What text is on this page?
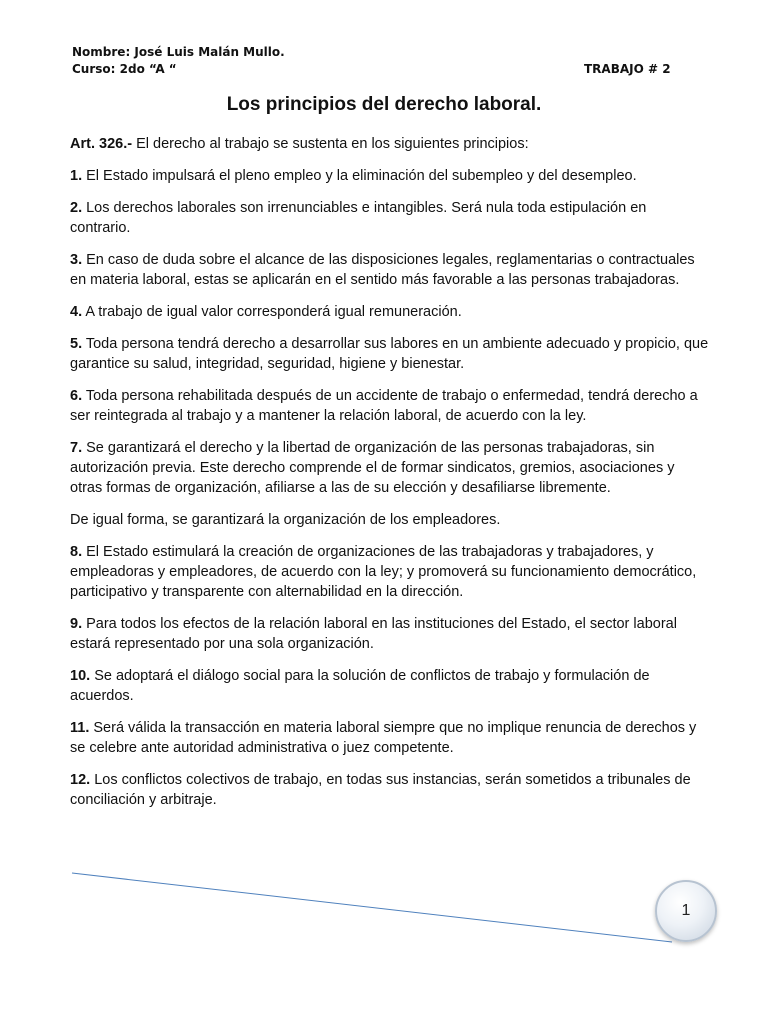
Nombre: José Luis Malán Mullo.
Curso: 2do “A “	TRABAJO # 2
Los principios del derecho laboral.

Art. 326.- El derecho al trabajo se sustenta en los siguientes principios:

1. El Estado impulsará el pleno empleo y la eliminación del subempleo y del desempleo.

2. Los derechos laborales son irrenunciables e intangibles. Será nula toda estipulación en contrario.

3. En caso de duda sobre el alcance de las disposiciones legales, reglamentarias o contractuales en materia laboral, estas se aplicarán en el sentido más favorable a las personas trabajadoras.

4. A trabajo de igual valor corresponderá igual remuneración.

5. Toda persona tendrá derecho a desarrollar sus labores en un ambiente adecuado y propicio, que garantice su salud, integridad, seguridad, higiene y bienestar.

6. Toda persona rehabilitada después de un accidente de trabajo o enfermedad, tendrá derecho a ser reintegrada al trabajo y a mantener la relación laboral, de acuerdo con la ley.

7. Se garantizará el derecho y la libertad de organización de las personas trabajadoras, sin autorización previa. Este derecho comprende el de formar sindicatos, gremios, asociaciones y otras formas de organización, afiliarse a las de su elección y desafiliarse libremente.

De igual forma, se garantizará la organización de los empleadores.

8. El Estado estimulará la creación de organizaciones de las trabajadoras y trabajadores, y empleadoras y empleadores, de acuerdo con la ley; y promoverá su funcionamiento democrático, participativo y transparente con alternabilidad en la dirección.

9. Para todos los efectos de la relación laboral en las instituciones del Estado, el sector laboral estará representado por una sola organización.

10. Se adoptará el diálogo social para la solución de conflictos de trabajo y formulación de acuerdos.

11. Será válida la transacción en materia laboral siempre que no implique renuncia de derechos y se celebre ante autoridad administrativa o juez competente.

12. Los conflictos colectivos de trabajo, en todas sus instancias, serán sometidos a tribunales de conciliación y arbitraje.

1
